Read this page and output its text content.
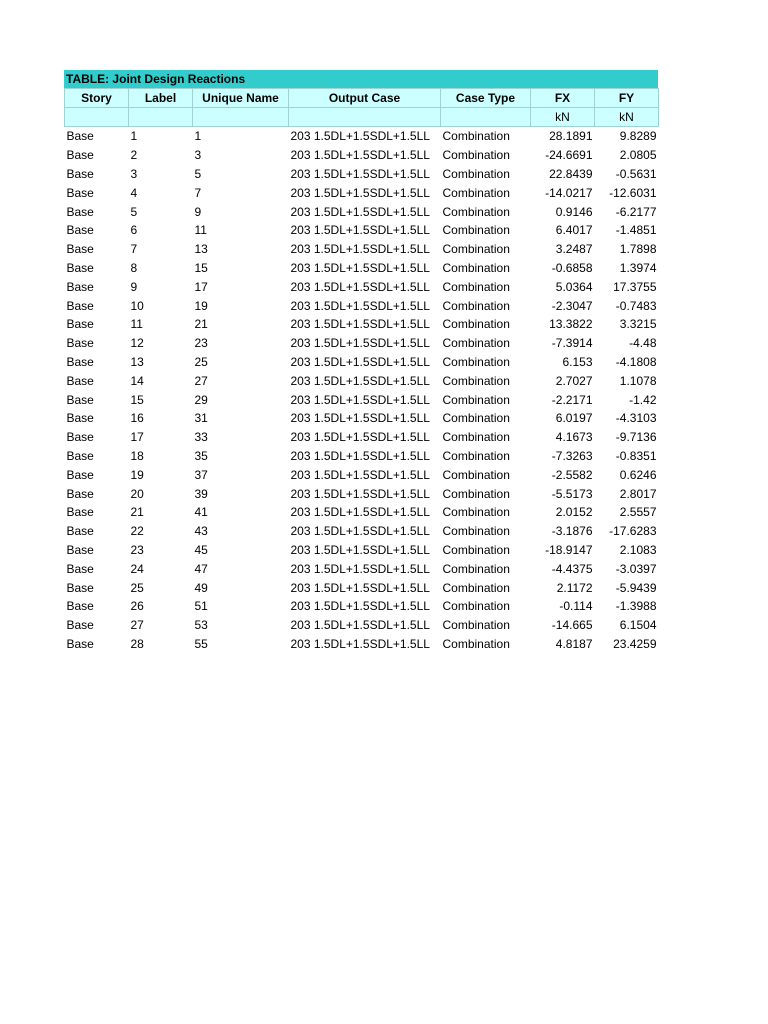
TABLE: Joint Design Reactions
Story	Label	Unique Name	Output Case	Case Type	FX	FY
					kN	kN
Base	1	1	203 1.5DL+1.5SDL+1.5LL	Combination	28.1891	9.8289
Base	2	3	203 1.5DL+1.5SDL+1.5LL	Combination	-24.6691	2.0805
Base	3	5	203 1.5DL+1.5SDL+1.5LL	Combination	22.8439	-0.5631
Base	4	7	203 1.5DL+1.5SDL+1.5LL	Combination	-14.0217	-12.6031
Base	5	9	203 1.5DL+1.5SDL+1.5LL	Combination	0.9146	-6.2177
Base	6	11	203 1.5DL+1.5SDL+1.5LL	Combination	6.4017	-1.4851
Base	7	13	203 1.5DL+1.5SDL+1.5LL	Combination	3.2487	1.7898
Base	8	15	203 1.5DL+1.5SDL+1.5LL	Combination	-0.6858	1.3974
Base	9	17	203 1.5DL+1.5SDL+1.5LL	Combination	5.0364	17.3755
Base	10	19	203 1.5DL+1.5SDL+1.5LL	Combination	-2.3047	-0.7483
Base	11	21	203 1.5DL+1.5SDL+1.5LL	Combination	13.3822	3.3215
Base	12	23	203 1.5DL+1.5SDL+1.5LL	Combination	-7.3914	-4.48
Base	13	25	203 1.5DL+1.5SDL+1.5LL	Combination	6.153	-4.1808
Base	14	27	203 1.5DL+1.5SDL+1.5LL	Combination	2.7027	1.1078
Base	15	29	203 1.5DL+1.5SDL+1.5LL	Combination	-2.2171	-1.42
Base	16	31	203 1.5DL+1.5SDL+1.5LL	Combination	6.0197	-4.3103
Base	17	33	203 1.5DL+1.5SDL+1.5LL	Combination	4.1673	-9.7136
Base	18	35	203 1.5DL+1.5SDL+1.5LL	Combination	-7.3263	-0.8351
Base	19	37	203 1.5DL+1.5SDL+1.5LL	Combination	-2.5582	0.6246
Base	20	39	203 1.5DL+1.5SDL+1.5LL	Combination	-5.5173	2.8017
Base	21	41	203 1.5DL+1.5SDL+1.5LL	Combination	2.0152	2.5557
Base	22	43	203 1.5DL+1.5SDL+1.5LL	Combination	-3.1876	-17.6283
Base	23	45	203 1.5DL+1.5SDL+1.5LL	Combination	-18.9147	2.1083
Base	24	47	203 1.5DL+1.5SDL+1.5LL	Combination	-4.4375	-3.0397
Base	25	49	203 1.5DL+1.5SDL+1.5LL	Combination	2.1172	-5.9439
Base	26	51	203 1.5DL+1.5SDL+1.5LL	Combination	-0.114	-1.3988
Base	27	53	203 1.5DL+1.5SDL+1.5LL	Combination	-14.665	6.1504
Base	28	55	203 1.5DL+1.5SDL+1.5LL	Combination	4.8187	23.4259
